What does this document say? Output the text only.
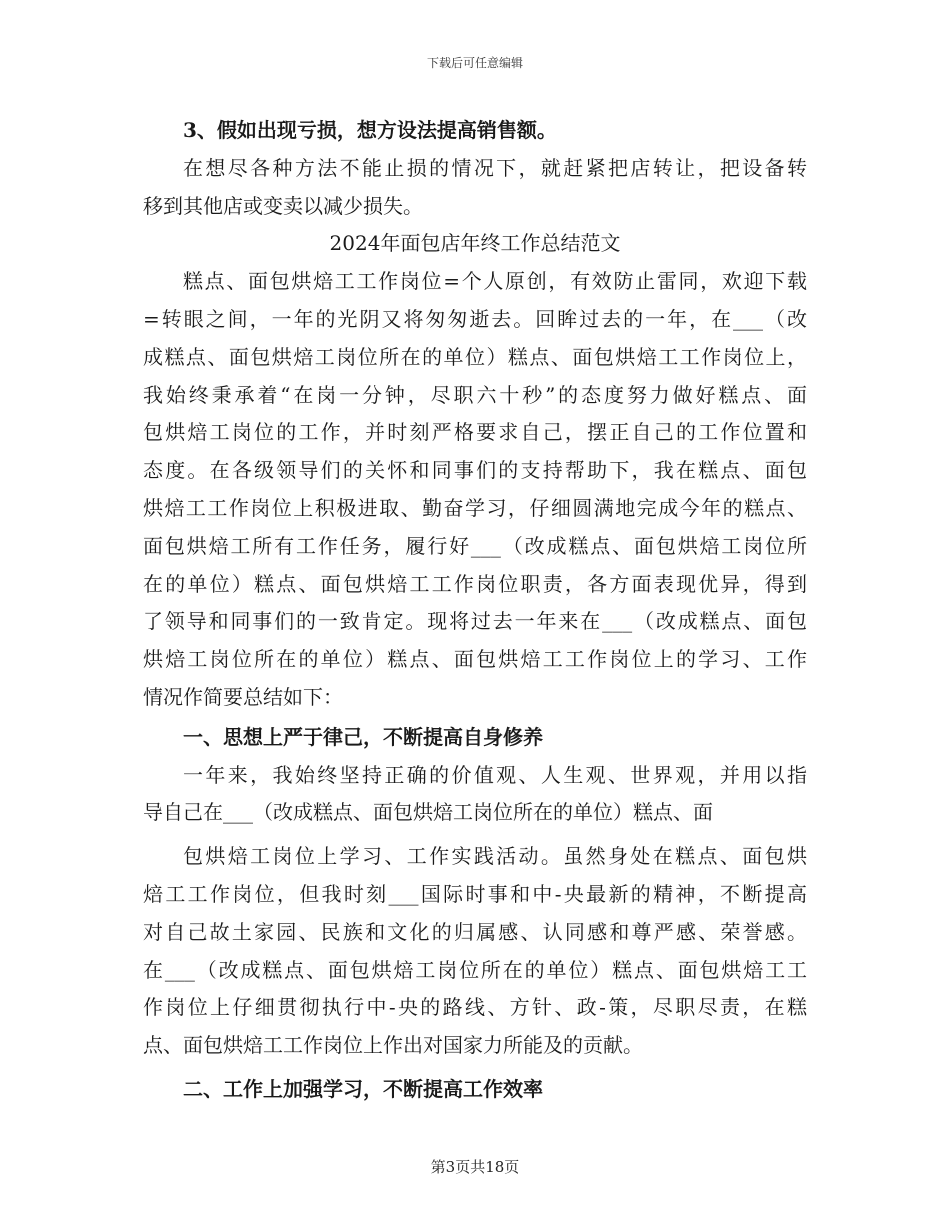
下载后可任意编辑
3、假如出现亏损，想方设法提高销售额。
在想尽各种方法不能止损的情况下，就赶紧把店转让，把设备转
移到其他店或变卖以减少损失。
2024年面包店年终工作总结范文
糕点、面包烘焙工工作岗位=个人原创，有效防止雷同，欢迎下载
=转眼之间，一年的光阴又将匆匆逝去。回眸过去的一年，在___（改
成糕点、面包烘焙工岗位所在的单位）糕点、面包烘焙工工作岗位上，
我始终秉承着“在岗一分钟，尽职六十秒”的态度努力做好糕点、面
包烘焙工岗位的工作，并时刻严格要求自己，摆正自己的工作位置和
态度。在各级领导们的关怀和同事们的支持帮助下，我在糕点、面包
烘焙工工作岗位上积极进取、勤奋学习，仔细圆满地完成今年的糕点、
面包烘焙工所有工作任务，履行好___（改成糕点、面包烘焙工岗位所
在的单位）糕点、面包烘焙工工作岗位职责，各方面表现优异，得到
了领导和同事们的一致肯定。现将过去一年来在___（改成糕点、面包
烘焙工岗位所在的单位）糕点、面包烘焙工工作岗位上的学习、工作
情况作简要总结如下：
一、思想上严于律己，不断提高自身修养
一年来，我始终坚持正确的价值观、人生观、世界观，并用以指
导自己在___（改成糕点、面包烘焙工岗位所在的单位）糕点、面
包烘焙工岗位上学习、工作实践活动。虽然身处在糕点、面包烘
焙工工作岗位，但我时刻___国际时事和中-央最新的精神，不断提高
对自己故土家园、民族和文化的归属感、认同感和尊严感、荣誉感。
在___（改成糕点、面包烘焙工岗位所在的单位）糕点、面包烘焙工工
作岗位上仔细贯彻执行中-央的路线、方针、政-策，尽职尽责，在糕
点、面包烘焙工工作岗位上作出对国家力所能及的贡献。
二、工作上加强学习，不断提高工作效率
第3页共18页
